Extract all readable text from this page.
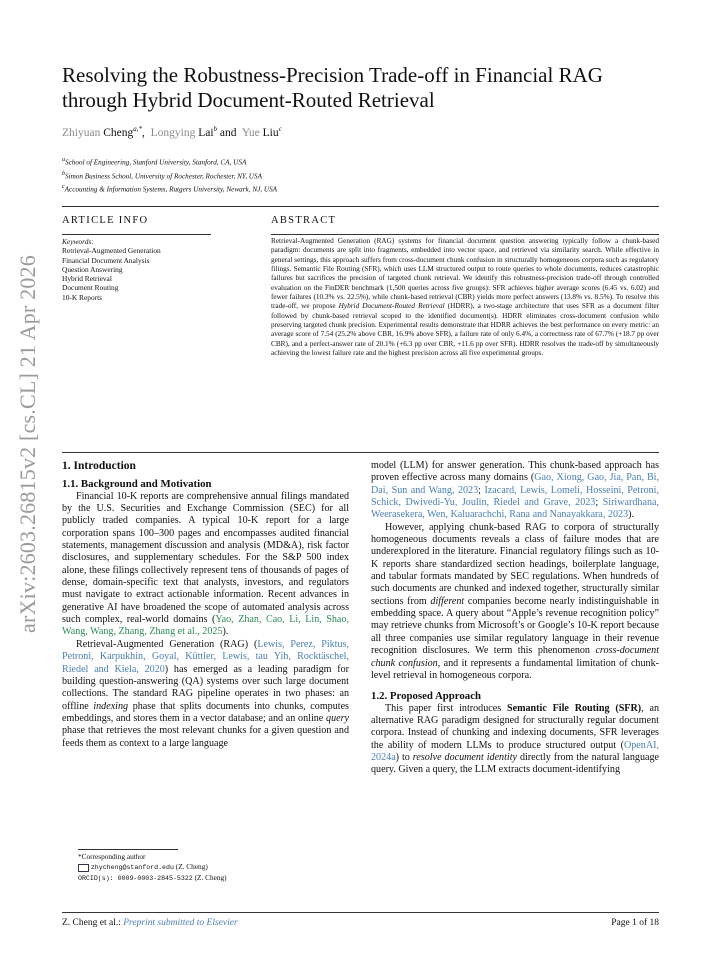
arXiv:2603.26815v2 [cs.CL] 21 Apr 2026
Resolving the Robustness-Precision Trade-off in Financial RAG
through Hybrid Document-Routed Retrieval
Zhiyuan Cheng$^{a,*}$,  Longying Lai$^b$ and Yue Liu$^c$
$^a$School of Engineering, Stanford University, Stanford, CA, USA
$^b$Simon Business School, University of Rochester, Rochester, NY, USA
$^c$Accounting & Information Systems, Rutgers University, Newark, NJ, USA
ARTICLE INFO	ABSTRACT
Keywords:
Retrieval-Augmented Generation
Financial Document Analysis
Question Answering
Hybrid Retrieval
Document Routing
10-K Reports
Retrieval-Augmented Generation (RAG) systems for financial document question answering typically follow a chunk-based paradigm: documents are split into fragments, embedded into vector space, and retrieved via similarity search. While effective in general settings, this approach suffers from cross-document chunk confusion in structurally homogeneous corpora such as regulatory filings. Semantic File Routing (SFR), which uses LLM structured output to route queries to whole documents, reduces catastrophic failures but sacrifices the precision of targeted chunk retrieval. We identify this robustness-precision trade-off through controlled evaluation on the FinDER benchmark (1,500 queries across five groups): SFR achieves higher average scores (6.45 vs. 6.02) and fewer failures (10.3% vs. 22.5%), while chunk-based retrieval (CBR) yields more perfect answers (13.8% vs. 8.5%). To resolve this trade-off, we propose Hybrid Document-Routed Retrieval (HDRR), a two-stage architecture that uses SFR as a document filter followed by chunk-based retrieval scoped to the identified document(s). HDRR eliminates cross-document confusion while preserving targeted chunk precision. Experimental results demonstrate that HDRR achieves the best performance on every metric: an average score of 7.54 (25.2% above CBR, 16.9% above SFR), a failure rate of only 6.4%, a correctness rate of 67.7% (+18.7 pp over CBR), and a perfect-answer rate of 20.1% (+6.3 pp over CBR, +11.6 pp over SFR). HDRR resolves the trade-off by simultaneously achieving the lowest failure rate and the highest precision across all five experimental groups.
1. Introduction
1.1. Background and Motivation

Financial 10-K reports are comprehensive annual filings mandated by the U.S. Securities and Exchange Commission (SEC) for all publicly traded companies. A typical 10-K report for a large corporation spans 100–300 pages and encompasses audited financial statements, management discussion and analysis (MD&A), risk factor disclosures, and supplementary schedules. For the S&P 500 index alone, these filings collectively represent tens of thousands of pages of dense, domain-specific text that analysts, investors, and regulators must navigate to extract actionable information. Recent advances in generative AI have broadened the scope of automated analysis across such complex, real-world domains (Yao, Zhan, Cao, Li, Lin, Shao, Wang, Wang, Zhang, Zhang et al., 2025).

Retrieval-Augmented Generation (RAG) (Lewis, Perez, Piktus, Petroni, Karpukhin, Goyal, Küttler, Lewis, tau Yih, Rocktäschel, Riedel and Kiela, 2020) has emerged as a leading paradigm for building question-answering (QA) systems over such large document collections. The standard RAG pipeline operates in two phases: an offline indexing phase that splits documents into chunks, computes embeddings, and stores them in a vector database; and an online query phase that retrieves the most relevant chunks for a given question and feeds them as context to a large language

model (LLM) for answer generation. This chunk-based approach has proven effective across many domains (Gao, Xiong, Gao, Jia, Pan, Bi, Dai, Sun and Wang, 2023; Izacard, Lewis, Lomeli, Hosseini, Petroni, Schick, Dwivedi-Yu, Joulin, Riedel and Grave, 2023; Siriwardhana, Weerasekera, Wen, Kaluarachchi, Rana and Nanayakkara, 2023).

However, applying chunk-based RAG to corpora of structurally homogeneous documents reveals a class of failure modes that are underexplored in the literature. Financial regulatory filings such as 10-K reports share standardized section headings, boilerplate language, and tabular formats mandated by SEC regulations. When hundreds of such documents are chunked and indexed together, structurally similar sections from different companies become nearly indistinguishable in embedding space. A query about “Apple’s revenue recognition policy” may retrieve chunks from Microsoft’s or Google’s 10-K report because all three companies use similar regulatory language in their revenue recognition disclosures. We term this phenomenon cross-document chunk confusion, and it represents a fundamental limitation of chunk-level retrieval in homogeneous corpora.

1.2. Proposed Approach

This paper first introduces Semantic File Routing (SFR), an alternative RAG paradigm designed for structurally regular document corpora. Instead of chunking and indexing documents, SFR leverages the ability of modern LLMs to produce structured output (OpenAI, 2024a) to resolve document identity directly from the natural language query. Given a query, the LLM extracts document-identifying

*Corresponding author
zhycheng@stanford.edu (Z. Cheng)
ORCID(s): 0009-0003-2845-5322 (Z. Cheng)
Z. Cheng et al.: Preprint submitted to Elsevier	Page 1 of 18
